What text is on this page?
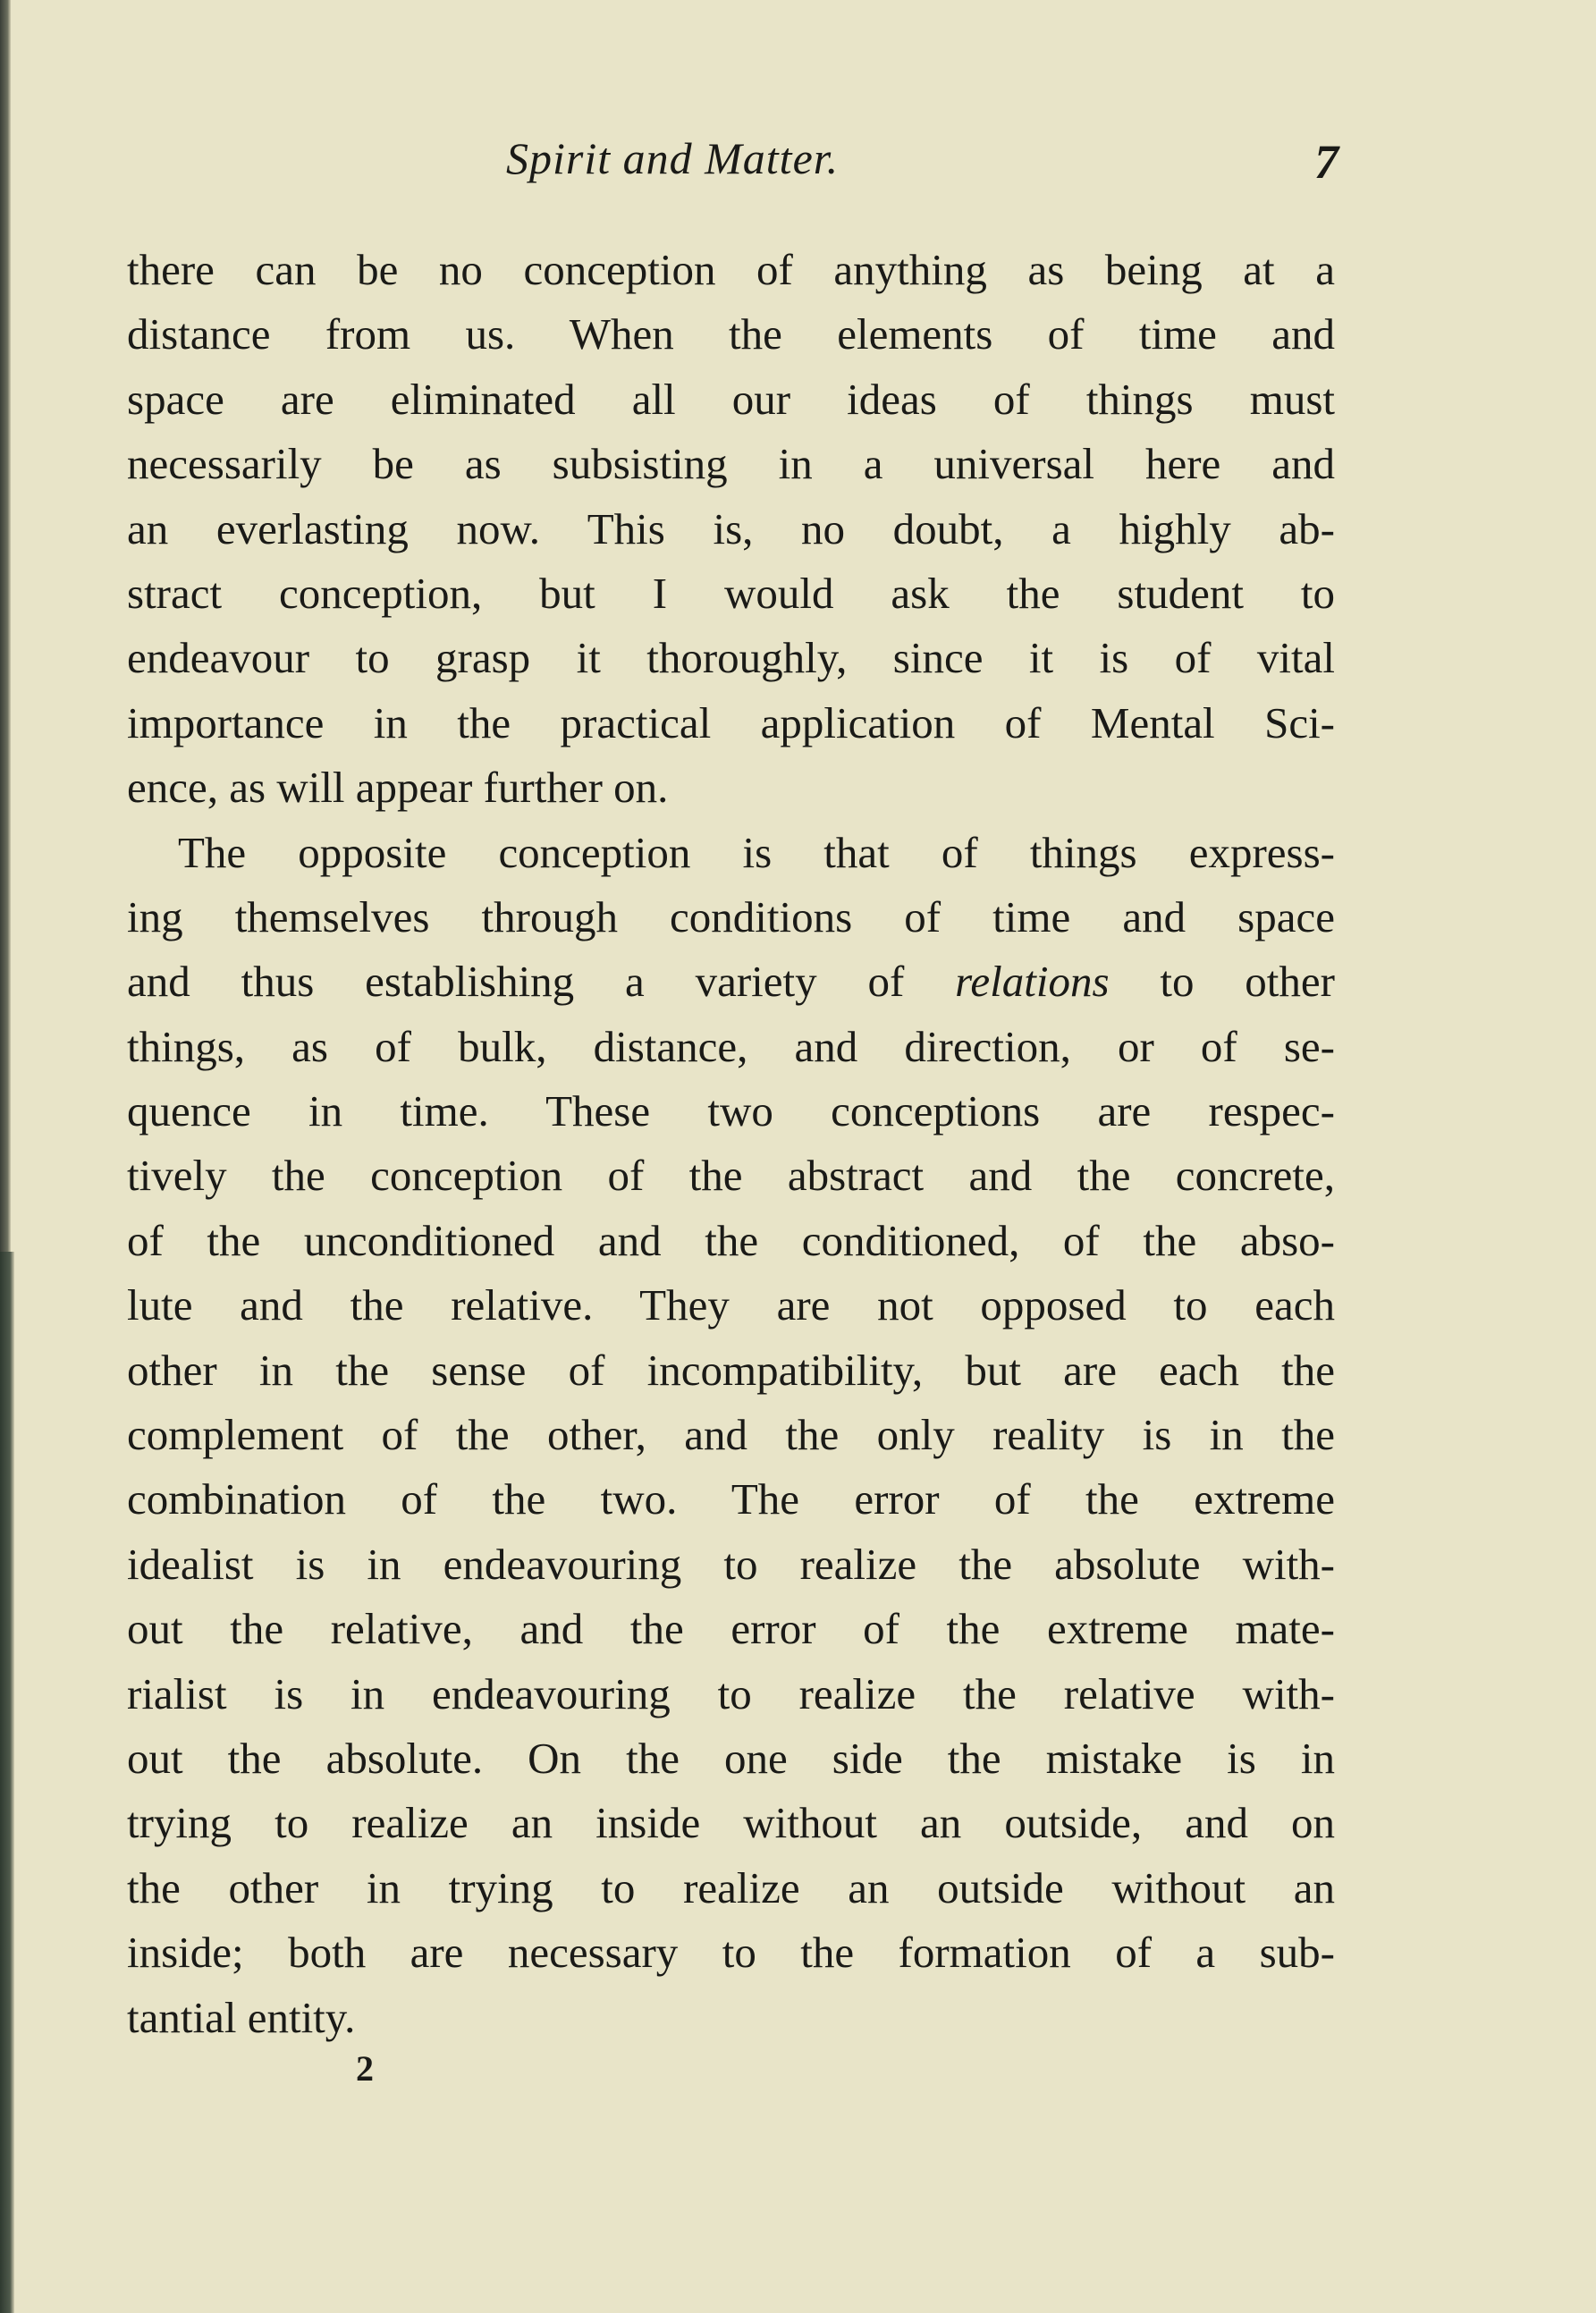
Spirit and Matter.	7
there can be no conception of anything as being at a
distance from us. When the elements of time and
space are eliminated all our ideas of things must
necessarily be as subsisting in a universal here and
an everlasting now. This is, no doubt, a highly ab-
stract conception, but I would ask the student to
endeavour to grasp it thoroughly, since it is of vital
importance in the practical application of Mental Sci-
ence, as will appear further on.
The opposite conception is that of things express-
ing themselves through conditions of time and space
and thus establishing a variety of relations to other
things, as of bulk, distance, and direction, or of se-
quence in time. These two conceptions are respec-
tively the conception of the abstract and the concrete,
of the unconditioned and the conditioned, of the abso-
lute and the relative. They are not opposed to each
other in the sense of incompatibility, but are each the
complement of the other, and the only reality is in the
combination of the two. The error of the extreme
idealist is in endeavouring to realize the absolute with-
out the relative, and the error of the extreme mate-
rialist is in endeavouring to realize the relative with-
out the absolute. On the one side the mistake is in
trying to realize an inside without an outside, and on
the other in trying to realize an outside without an
inside; both are necessary to the formation of a sub-
tantial entity.
2
